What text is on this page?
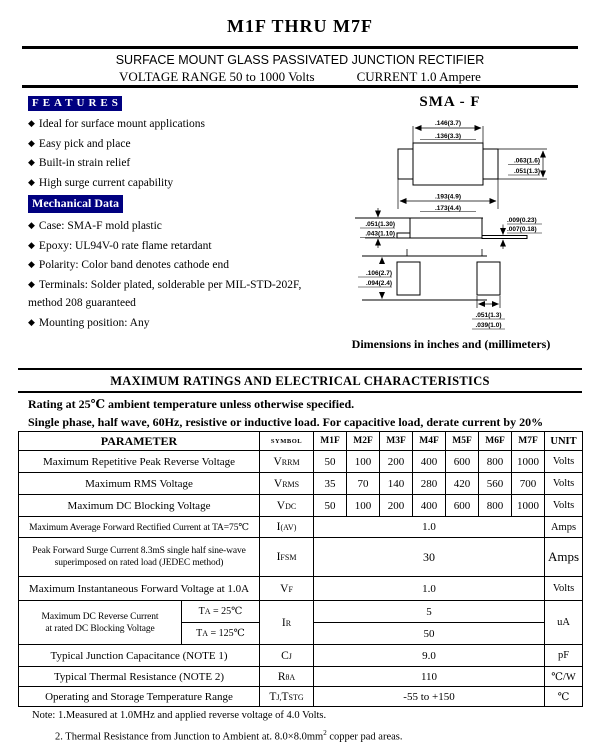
M1F THRU M7F
SURFACE MOUNT GLASS PASSIVATED JUNCTION RECTIFIER
VOLTAGE RANGE 50 to 1000 Volts	CURRENT 1.0 Ampere
FEATURES
◆ Ideal for surface mount applications
◆ Easy pick and place
◆ Built-in strain relief
◆ High surge current capability
Mechanical Data
◆ Case: SMA-F mold plastic
◆ Epoxy: UL94V-0 rate flame retardant
◆ Polarity: Color band denotes cathode end
◆ Terminals: Solder plated, solderable per MIL-STD-202F,
method 208 guaranteed
◆ Mounting position: Any
SMA - F
.146(3.7)
.136(3.3)
.063(1.6)
.051(1.3)
.193(4.9)
.173(4.4)
.051(1.30)
.043(1.10)
.009(0.23)
.007(0.18)
.106(2.7)
.094(2.4)
.051(1.3)
.039(1.0)
Dimensions in inches and (millimeters)
MAXIMUM RATINGS AND ELECTRICAL CHARACTERISTICS
Rating at 25℃ ambient temperature unless otherwise specified.
Single phase, half wave, 60Hz, resistive or inductive load. For capacitive load, derate current by 20%
PARAMETER		SYMBOL	M1F	M2F	M3F	M4F	M5F	M6F	M7F	UNIT
Maximum Repetitive Peak Reverse Voltage		VRRM	50	100	200	400	600	800	1000	Volts
Maximum RMS Voltage		VRMS	35	70	140	280	420	560	700	Volts
Maximum DC Blocking Voltage		VDC	50	100	200	400	600	800	1000	Volts
Maximum Average Forward Rectified Current at TA=75℃		I(AV)	1.0							Amps

Peak Forward Surge Current 8.3mS single half sine-wave
superimposed on rated load (JEDEC method)		IFSM	30							Amps
Maximum Instantaneous Forward Voltage at 1.0A		VF	1.0							Volts

Maximum DC Reverse Current
at rated DC Blocking Voltage	TA = 25℃	IR	5							uA
	TA = 125℃		50							
Typical Junction Capacitance (NOTE 1)		CJ	9.0							pF
Typical Thermal Resistance (NOTE 2)		RθA	110							℃/W
Operating and Storage Temperature Range		TJ,TSTG	-55 to +150							℃
Note: 1.Measured at 1.0MHz and applied reverse voltage of 4.0 Volts.
2. Thermal Resistance from Junction to Ambient at. $8.0\times 8.0mm^2$ copper pad areas.
